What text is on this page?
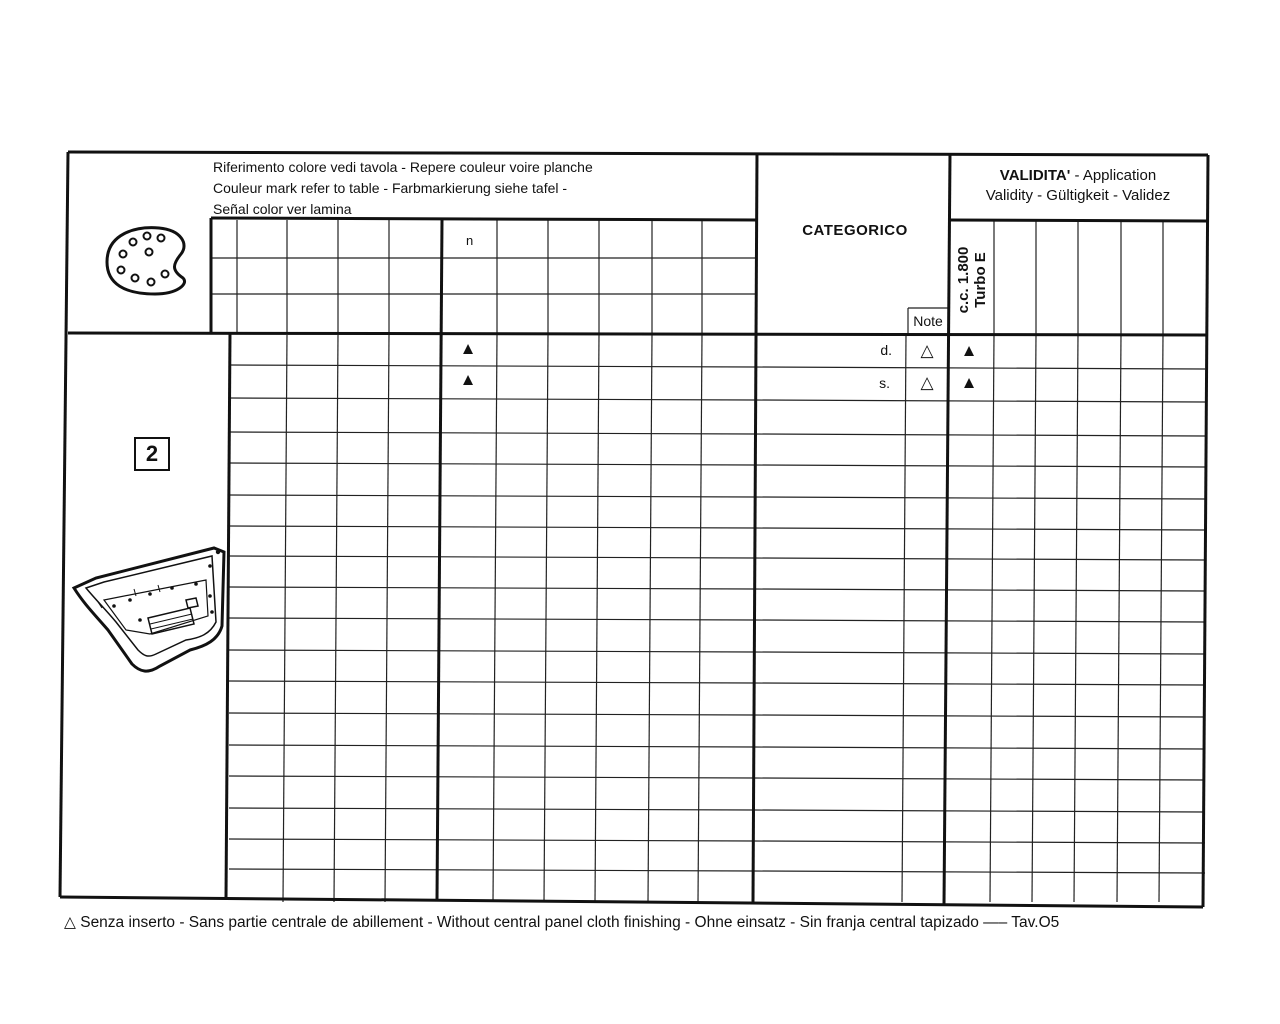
Riferimento colore vedi tavola - Repere couleur voire planche
Couleur mark refer to table - Farbmarkierung siehe tafel -
Señal color ver lamina
n
CATEGORICO
VALIDITA' - Application
Validity - Gültigkeit - Validez
c.c. 1.800
Turbo E
Note
2
d.
▲	△ ▲
s.
▲	△ ▲
△ Senza inserto - Sans partie centrale de abillement - Without central panel cloth finishing - Ohne einsatz - Sin franja central tapizado —– Tav.O5
